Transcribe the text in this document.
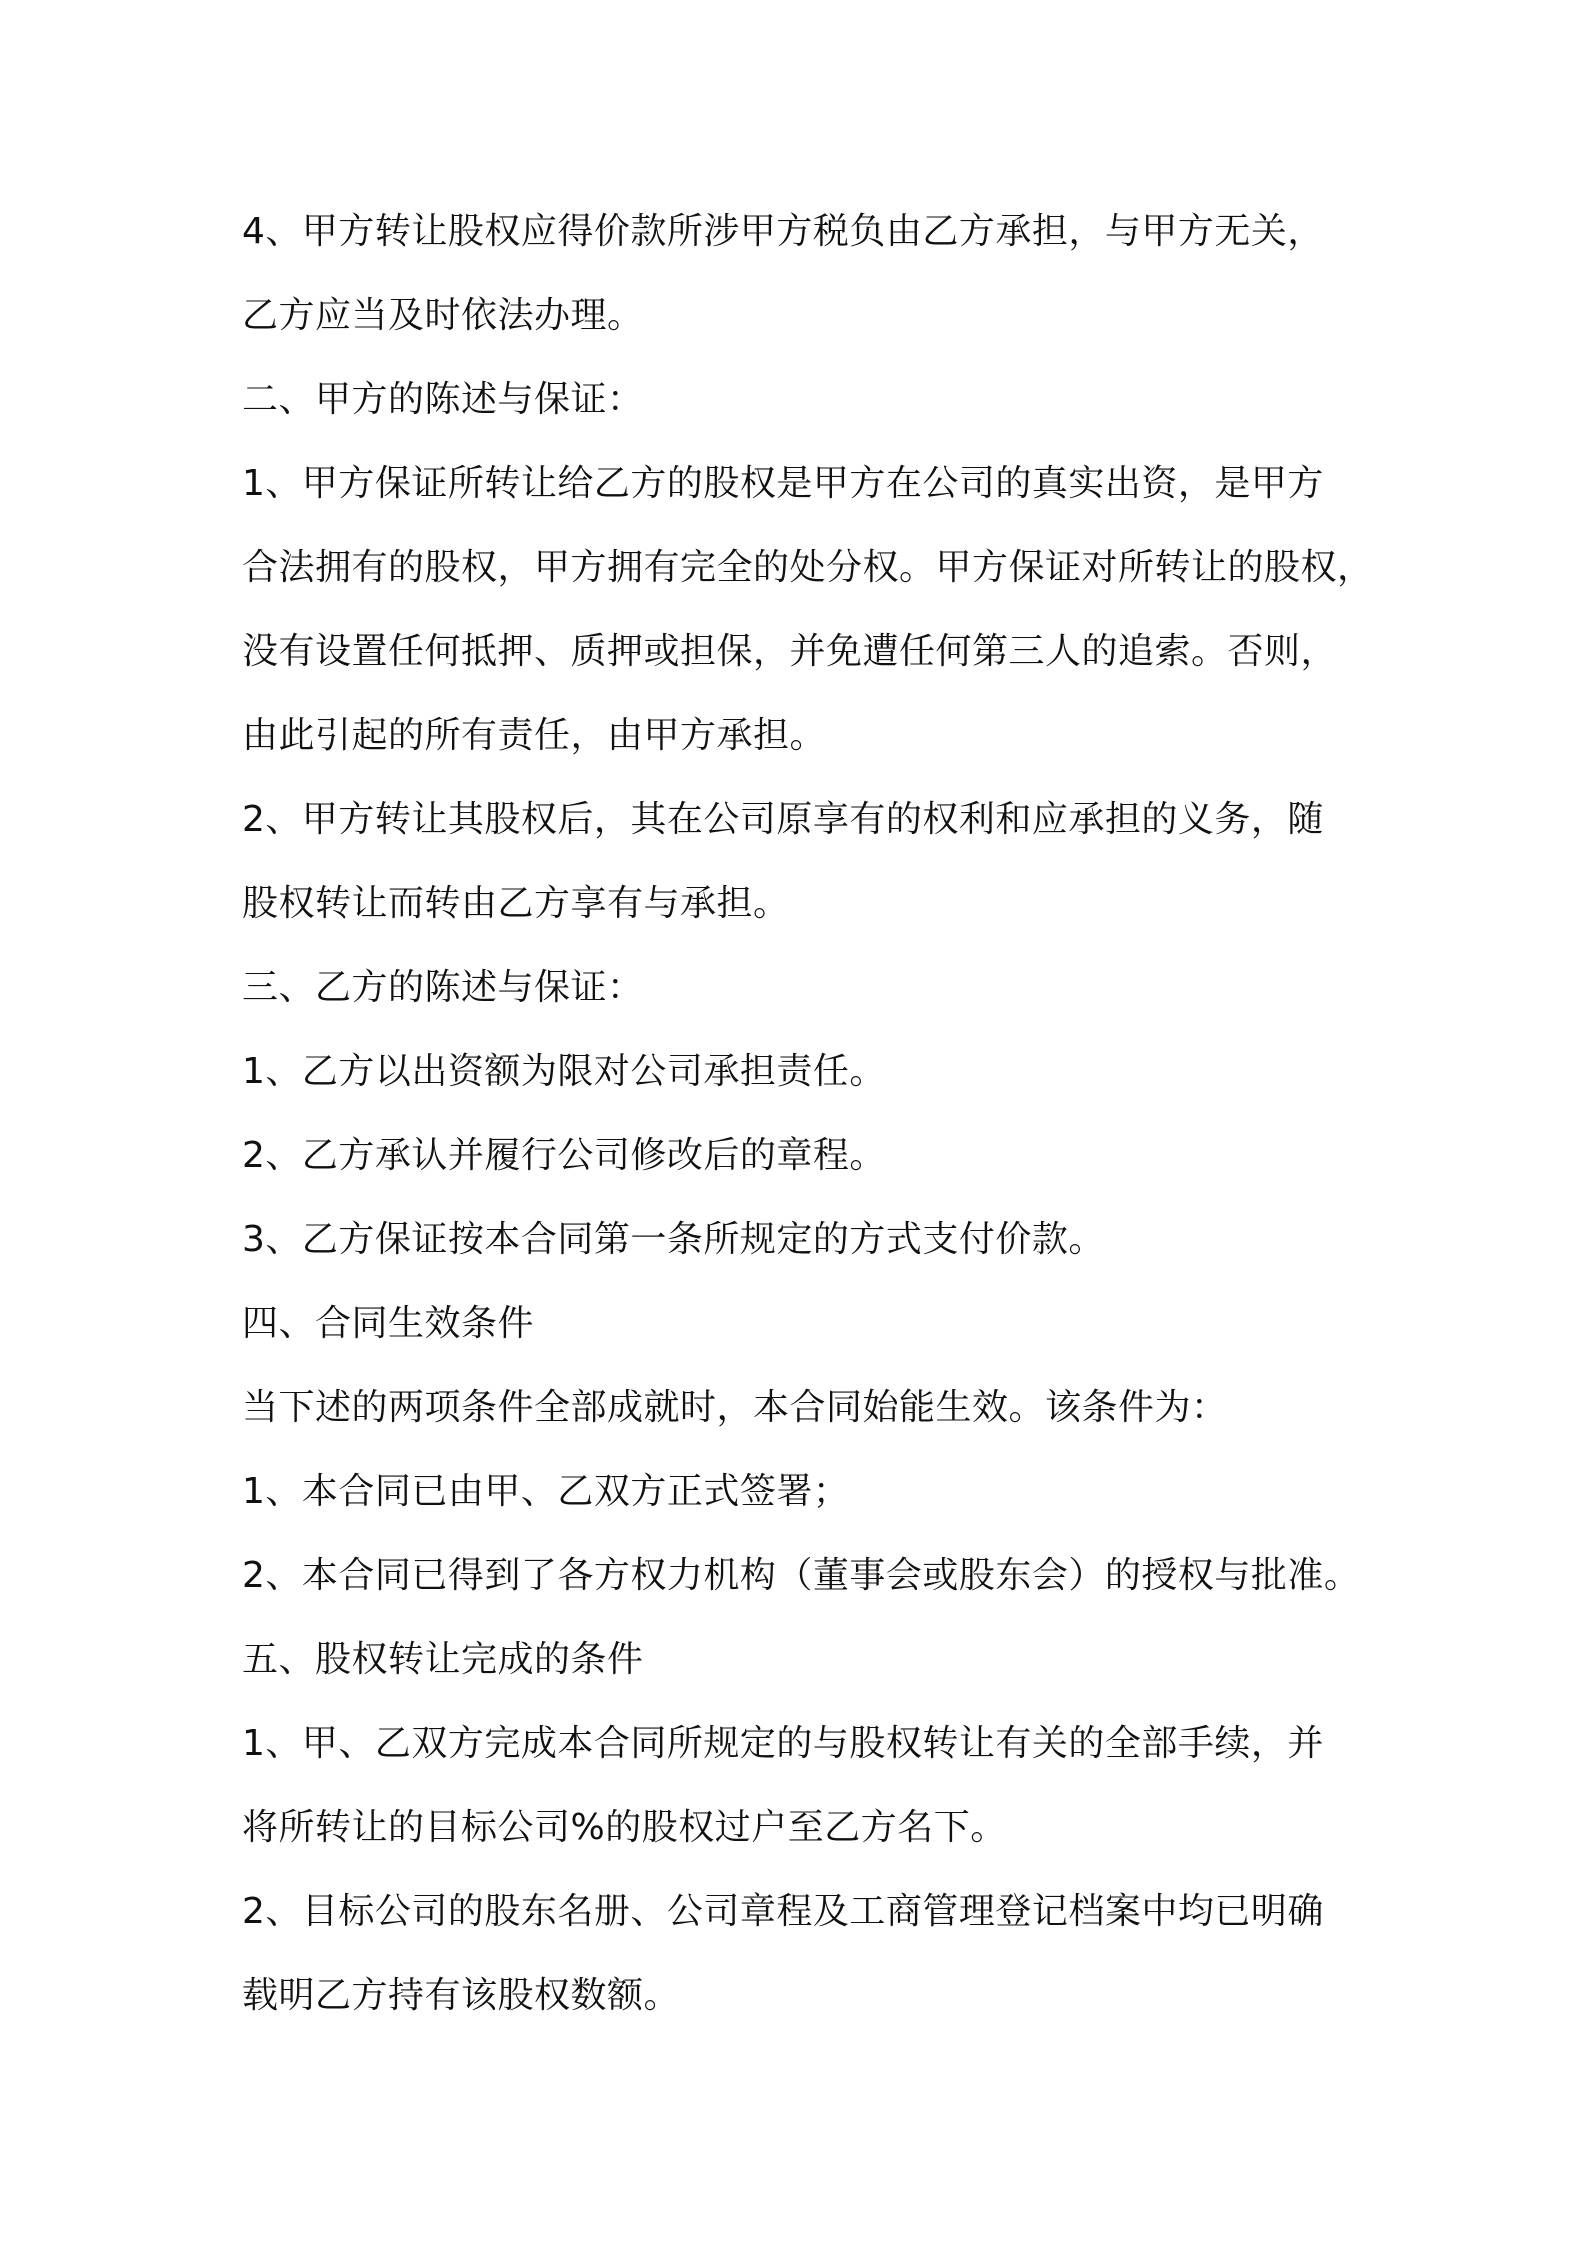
4、甲方转让股权应得价款所涉甲方税负由乙方承担，与甲方无关，
乙方应当及时依法办理。
二、甲方的陈述与保证：
1、甲方保证所转让给乙方的股权是甲方在公司的真实出资，是甲方
合法拥有的股权，甲方拥有完全的处分权。甲方保证对所转让的股权，
没有设置任何抵押、质押或担保，并免遭任何第三人的追索。否则，
由此引起的所有责任，由甲方承担。
2、甲方转让其股权后，其在公司原享有的权利和应承担的义务，随
股权转让而转由乙方享有与承担。
三、乙方的陈述与保证：
1、乙方以出资额为限对公司承担责任。
2、乙方承认并履行公司修改后的章程。
3、乙方保证按本合同第一条所规定的方式支付价款。
四、合同生效条件
当下述的两项条件全部成就时，本合同始能生效。该条件为：
1、本合同已由甲、乙双方正式签署；
2、本合同已得到了各方权力机构（董事会或股东会）的授权与批准。
五、股权转让完成的条件
1、甲、乙双方完成本合同所规定的与股权转让有关的全部手续，并
将所转让的目标公司%的股权过户至乙方名下。
2、目标公司的股东名册、公司章程及工商管理登记档案中均已明确
载明乙方持有该股权数额。
